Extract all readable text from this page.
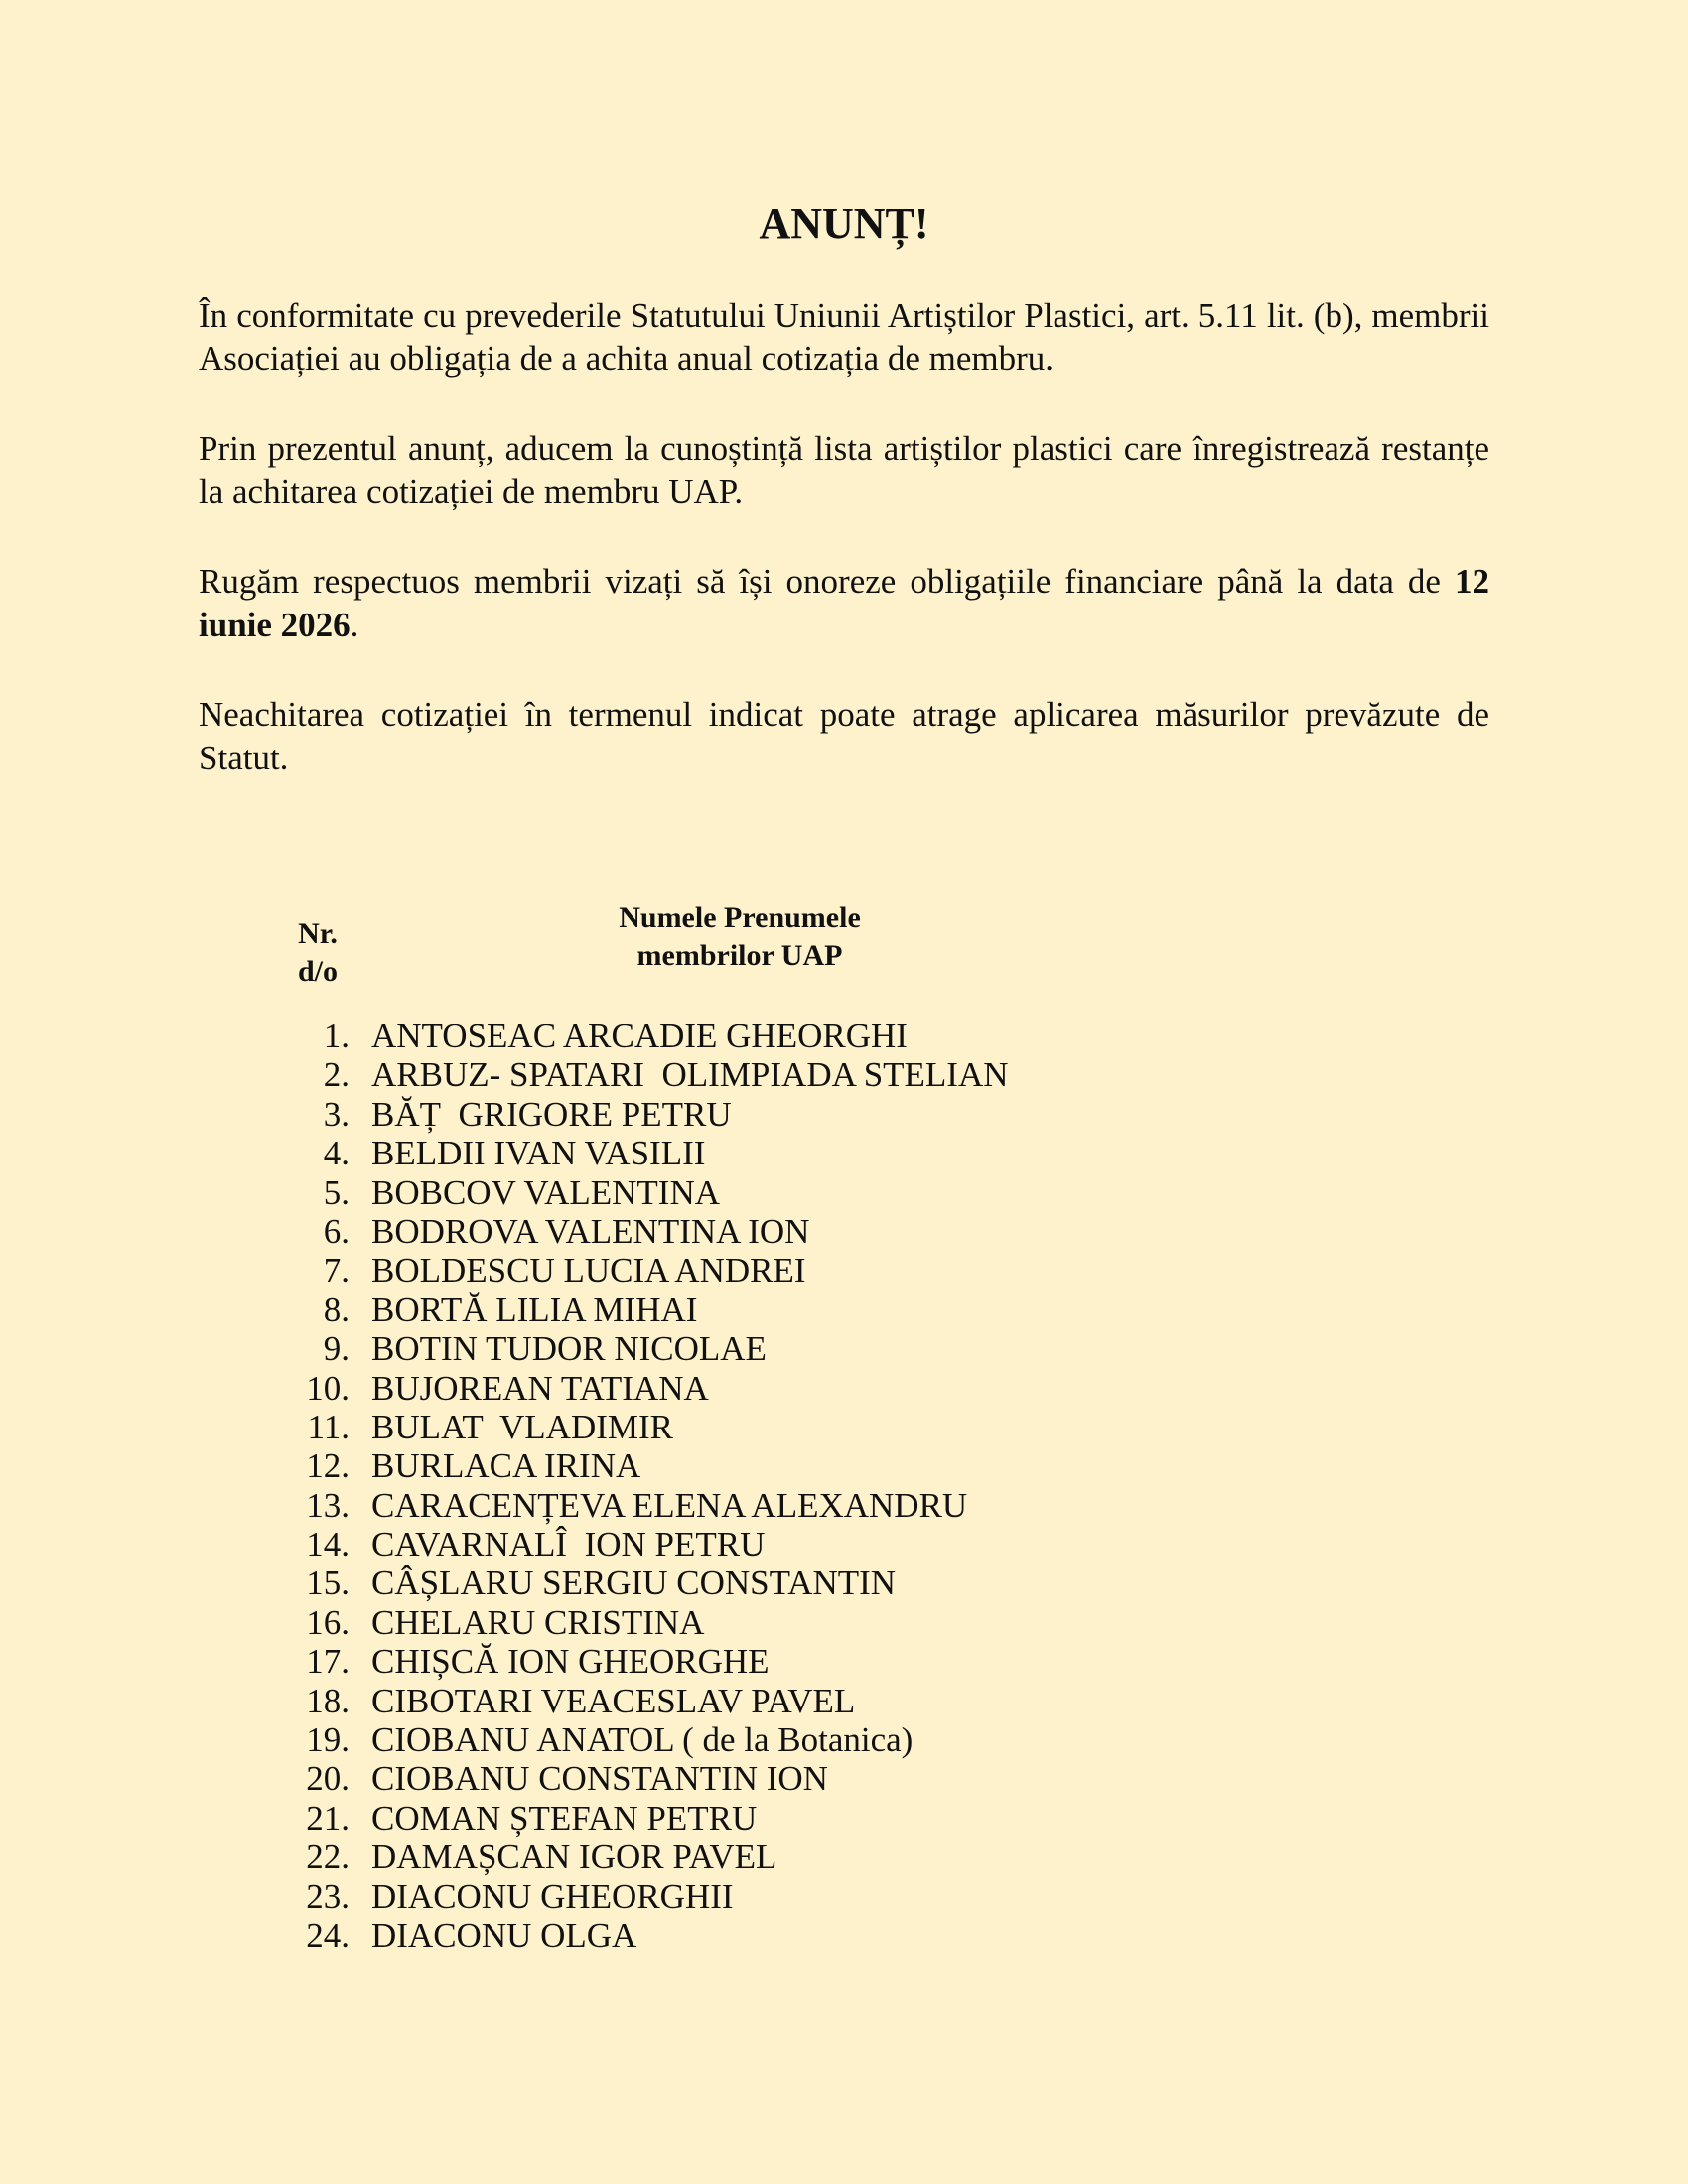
ANUNȚ!

În conformitate cu prevederile Statutului Uniunii Artiștilor Plastici, art. 5.11 lit. (b), membrii Asociației au obligația de a achita anual cotizația de membru.

Prin prezentul anunț, aducem la cunoștință lista artiștilor plastici care înregistrează restanțe la achitarea cotizației de membru UAP.

Rugăm respectuos membrii vizați să își onoreze obligațiile financiare până la data de 12 iunie 2026.

Neachitarea cotizației în termenul indicat poate atrage aplicarea măsurilor prevăzute de Statut.

Nr.
d/o
Numele Prenumele
membrilor UAP
1. ANTOSEAC ARCADIE GHEORGHI
2. ARBUZ- SPATARI  OLIMPIADA STELIAN
3. BĂȚ  GRIGORE PETRU
4. BELDII IVAN VASILII
5. BOBCOV VALENTINA
6. BODROVA VALENTINA ION
7. BOLDESCU LUCIA ANDREI
8. BORTĂ LILIA MIHAI
9. BOTIN TUDOR NICOLAE
10. BUJOREAN TATIANA
11. BULAT  VLADIMIR
12. BURLACA IRINA
13. CARACENȚEVA ELENA ALEXANDRU
14. CAVARNALÎ  ION PETRU
15. CÂȘLARU SERGIU CONSTANTIN
16. CHELARU CRISTINA
17. CHIȘCĂ ION GHEORGHE
18. CIBOTARI VEACESLAV PAVEL
19. CIOBANU ANATOL ( de la Botanica)
20. CIOBANU CONSTANTIN ION
21. COMAN ȘTEFAN PETRU
22. DAMAȘCAN IGOR PAVEL
23. DIACONU GHEORGHII
24. DIACONU OLGA
